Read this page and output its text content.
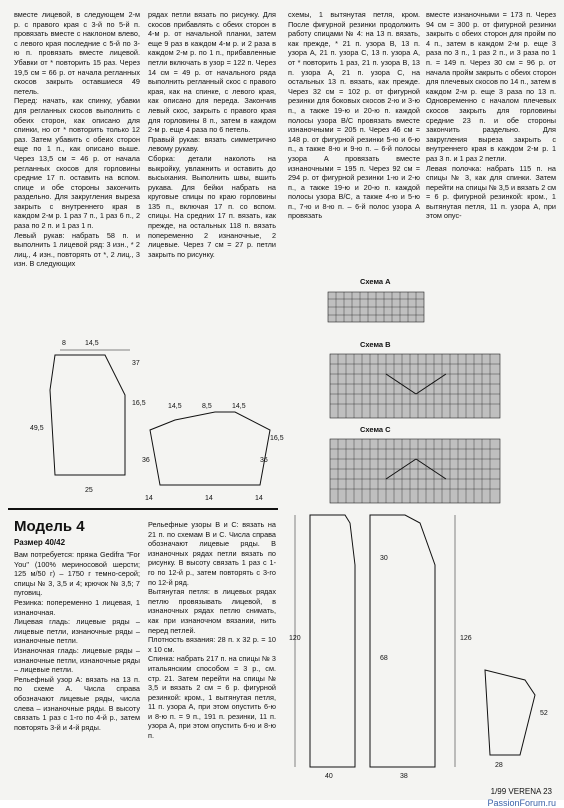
вместе лицевой, в следующем 2-м р. с правого края с 3-й по 5-й п. провязать вместе с наклоном влево, с левого края последние с 5-й по 3-ю п. провязать вместе лицевой. Убавки от * повторить 15 раз. Через 19,5 см = 66 р. от начала регланных скосов закрыть оставшиеся 49 петель.

Перед: начать, как спинку, убавки для регланных скосов выполнить с обеих сторон, как описано для спинки, но от * повторить только 12 раз. Затем убавить с обеих сторон еще по 1 п., как описано выше. Через 13,5 см = 46 р. от начала регланных скосов для горловины средние 17 п. оставить на вспом. спице и обе стороны закончить раздельно. Для закругления выреза закрыть с внутреннего края в каждом 2-м р. 1 раз 7 п., 1 раз 6 п., 2 раза по 2 п. и 1 раз 1 п.

Левый рукав: набрать 58 п. и выполнить 1 лицевой ряд: 3 изн., * 2 лиц., 4 изн., повторять от *, 2 лиц., 3 изн. В следующих

рядах петли вязать по рисунку. Для скосов прибавлять с обеих сторон в 4-м р. от начальной планки, затем еще 9 раз в каждом 4-м р. и 2 раза в каждом 2-м р. по 1 п., прибавленные петли включать в узор = 122 п. Через 14 см = 49 р. от начального ряда выполнить регланный скос с правого края, как на спинке, с левого края, как описано для переда. Закончив левый скос, закрыть с правого края для горловины 8 п., затем в каждом 2-м р. еще 4 раза по 6 петель.

Правый рукав: вязать симметрично левому рукаву.

Сборка: детали наколоть на выкройку, увлажнить и оставить до высыхания. Выполнить швы, вшить рукава. Для бейки набрать на круговые спицы по краю горловины 135 п., включая 17 п. со вспом. спицы. На средних 17 п. вязать, как прежде, на остальных 118 п. вязать попеременно 2 изнаночные, 2 лицевые. Через 7 см = 27 р. петли закрыть по рисунку.

схемы, 1 вытянутая петля, кром. После фигурной резинки продолжить работу спицами № 4: на 13 п. вязать, как прежде, * 21 п. узора B, 13 п. узора A, 21 п. узора C, 13 п. узора A, от * повторить 1 раз, 21 п. узора B, 13 п. узора A, 21 п. узора C, на остальных 13 п. вязать, как прежде. Через 32 см = 102 р. от фигурной резинки для боковых скосов 2-ю и 3-ю п., а также 19-ю и 20-ю п. каждой полосы узора B/C провязать вместе изнаночными = 205 п. Через 46 см = 148 р. от фигурной резинки 5-ю и 6-ю п., а также 8-ю и 9-ю п. – 6-й полосы узора A провязать вместе изнаночными = 195 п. Через 92 см = 294 р. от фигурной резинки 1-ю и 2-ю п., а также 19-ю и 20-ю п. каждой полосы узора B/C, а также 4-ю и 5-ю п., 7-ю и 8-ю п. – 6-й полос узора A провязать

вместе изнаночными = 173 п. Через 94 см = 300 р. от фигурной резинки закрыть с обеих сторон для пройм по 4 п., затем в каждом 2-м р. еще 3 раза по 3 п., 1 раз 2 п., и 3 раза по 1 п. = 149 п. Через 30 см = 96 р. от начала пройм закрыть с обеих сторон для плечевых скосов по 14 п., затем в каждом 2-м р. еще 3 раза по 13 п. Одновременно с началом плечевых скосов закрыть для горловины средние 23 п. и обе стороны закончить раздельно. Для закругления выреза закрыть с внутреннего края в каждом 2-м р. 1 раз 3 п. и 1 раз 2 петли.

Левая полочка: набрать 115 п. на спицы № 3, как для спинки. Затем перейти на спицы № 3,5 и вязать 2 см = 6 р. фигурной резинкой: кром., 1 вытянутая петля, 11 п. узора A, при этом опус-

Схема A
Схема B
Схема C
8	14,5
37
16,5
49,5
25
14,5	8,5	14,5
16,5
36	36
14	14	14
Модель 4
Размер 40/42

Вам потребуется: пряжа Gedifra "For You" (100% мериносовой шерсти; 125 м/50 г) – 1750 г темно-серой; спицы № 3, 3,5 и 4; крючок № 3,5; 7 пуговиц.

Резинка: попеременно 1 лицевая, 1 изнаночная.

Лицевая гладь: лицевые ряды – лицевые петли, изнаночные ряды – изнаночные петли.

Изнаночная гладь: лицевые ряды – изнаночные петли, изнаночные ряды – лицевые петли.

Рельефный узор A: вязать на 13 п. по схеме A. Числа справа обозначают лицевые ряды, числа слева – изнаночные ряды. В высоту связать 1 раз с 1-го по 4-й р., затем повторять 3-й и 4-й ряды.

Рельефные узоры B и C: вязать на 21 п. по схемам B и C. Числа справа обозначают лицевые ряды. В изнаночных рядах петли вязать по рисунку. В высоту связать 1 раз с 1-го по 12-й р., затем повторять с 3-го по 12-й ряд.

Вытянутая петля: в лицевых рядах петлю провязывать лицевой, в изнаночных рядах петлю снимать, как при изнаночном вязании, нить перед петлей.

Плотность вязания: 28 п. х 32 р. = 10 х 10 см.

Спинка: набрать 217 п. на спицы № 3 итальянским способом = 3 р., см. стр. 21. Затем перейти на спицы № 3,5 и вязать 2 см = 6 р. фигурной резинкой: кром., 1 вытянутая петля, 11 п. узора A, при этом опустить 6-ю и 8-ю п. = 9 п., 191 п. резинки, 11 п. узора A, при этом опустить 6-ю и 8-ю п.

120
68
30
126
40	38
28
52
1/99 VERENA 23
PassionForum.ru
